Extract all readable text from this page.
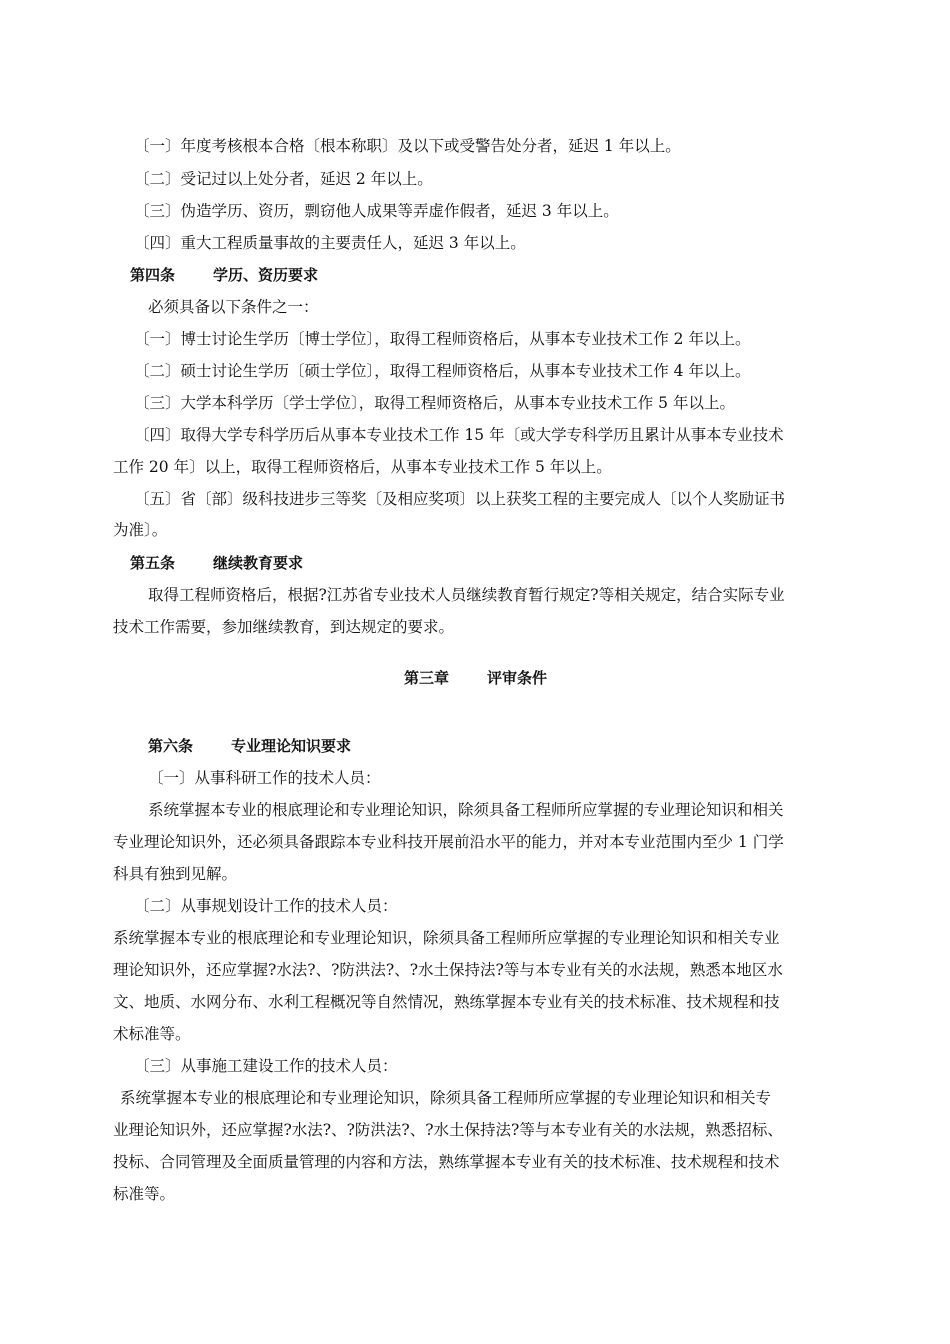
〔一〕年度考核根本合格〔根本称职〕及以下或受警告处分者，延迟 1 年以上。
〔二〕受记过以上处分者，延迟 2 年以上。
〔三〕伪造学历、资历，剽窃他人成果等弄虚作假者，延迟 3 年以上。
〔四〕重大工程质量事故的主要责任人，延迟 3 年以上。
第四条	学历、资历要求
必须具备以下条件之一：
〔一〕博士讨论生学历〔博士学位〕，取得工程师资格后，从事本专业技术工作 2 年以上。
〔二〕硕士讨论生学历〔硕士学位〕，取得工程师资格后，从事本专业技术工作 4 年以上。
〔三〕大学本科学历〔学士学位〕，取得工程师资格后，从事本专业技术工作 5 年以上。
〔四〕取得大学专科学历后从事本专业技术工作 15 年〔或大学专科学历且累计从事本专业技术
工作 20 年〕以上，取得工程师资格后，从事本专业技术工作 5 年以上。
〔五〕省〔部〕级科技进步三等奖〔及相应奖项〕以上获奖工程的主要完成人〔以个人奖励证书
为准〕。
第五条	继续教育要求
取得工程师资格后，根据?江苏省专业技术人员继续教育暂行规定?等相关规定，结合实际专业
技术工作需要，参加继续教育，到达规定的要求。
第三章	评审条件
第六条	专业理论知识要求
〔一〕从事科研工作的技术人员：
系统掌握本专业的根底理论和专业理论知识，除须具备工程师所应掌握的专业理论知识和相关
专业理论知识外，还必须具备跟踪本专业科技开展前沿水平的能力，并对本专业范围内至少 1 门学
科具有独到见解。
〔二〕从事规划设计工作的技术人员：
系统掌握本专业的根底理论和专业理论知识，除须具备工程师所应掌握的专业理论知识和相关专业
理论知识外，还应掌握?水法?、?防洪法?、?水土保持法?等与本专业有关的水法规，熟悉本地区水
文、地质、水网分布、水利工程概况等自然情况，熟练掌握本专业有关的技术标准、技术规程和技
术标准等。
〔三〕从事施工建设工作的技术人员：
系统掌握本专业的根底理论和专业理论知识，除须具备工程师所应掌握的专业理论知识和相关专
业理论知识外，还应掌握?水法?、?防洪法?、?水土保持法?等与本专业有关的水法规，熟悉招标、
投标、合同管理及全面质量管理的内容和方法，熟练掌握本专业有关的技术标准、技术规程和技术
标准等。
